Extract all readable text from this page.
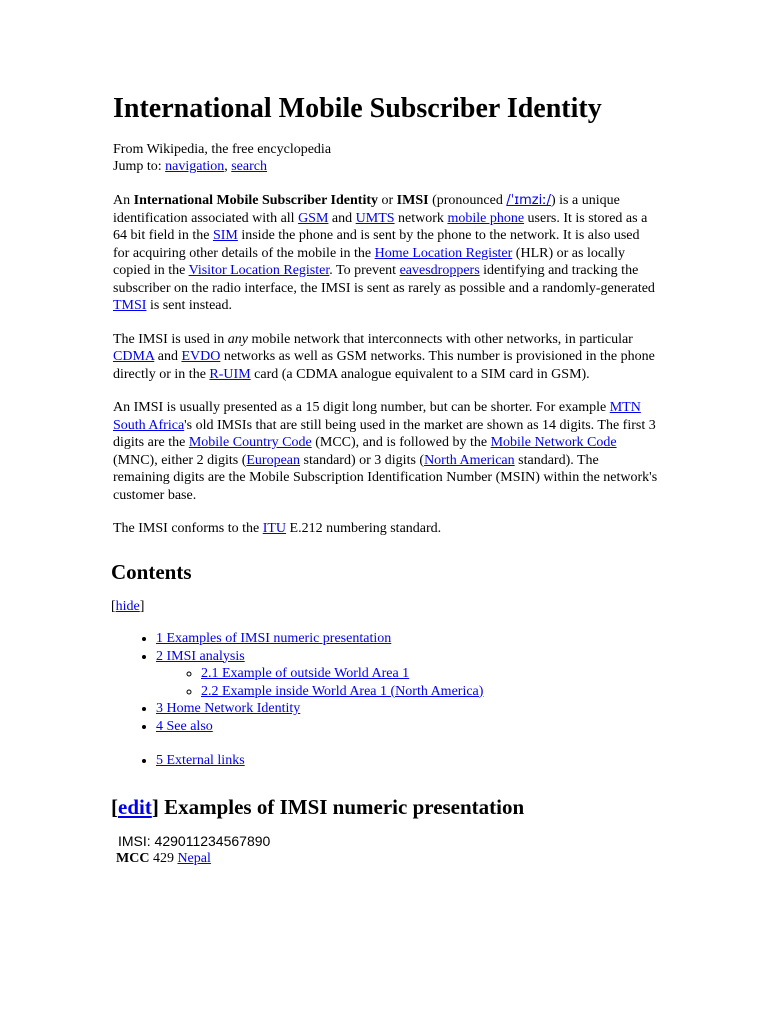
International Mobile Subscriber Identity
From Wikipedia, the free encyclopedia
Jump to: navigation, search

An International Mobile Subscriber Identity or IMSI (pronounced /ˈɪmziː/) is a unique identification associated with all GSM and UMTS network mobile phone users. It is stored as a 64 bit field in the SIM inside the phone and is sent by the phone to the network. It is also used for acquiring other details of the mobile in the Home Location Register (HLR) or as locally copied in the Visitor Location Register. To prevent eavesdroppers identifying and tracking the subscriber on the radio interface, the IMSI is sent as rarely as possible and a randomly-generated TMSI is sent instead.

The IMSI is used in any mobile network that interconnects with other networks, in particular CDMA and EVDO networks as well as GSM networks. This number is provisioned in the phone directly or in the R-UIM card (a CDMA analogue equivalent to a SIM card in GSM).

An IMSI is usually presented as a 15 digit long number, but can be shorter. For example MTN South Africa's old IMSIs that are still being used in the market are shown as 14 digits. The first 3 digits are the Mobile Country Code (MCC), and is followed by the Mobile Network Code (MNC), either 2 digits (European standard) or 3 digits (North American standard). The remaining digits are the Mobile Subscription Identification Number (MSIN) within the network's customer base.

The IMSI conforms to the ITU E.212 numbering standard.

Contents
[hide]
• 1 Examples of IMSI numeric presentation
• 2 IMSI analysis
◦ 2.1 Example of outside World Area 1
◦ 2.2 Example inside World Area 1 (North America)
• 3 Home Network Identity
• 4 See also
• 5 External links
[edit] Examples of IMSI numeric presentation
IMSI: 429011234567890
MCC 429 Nepal
